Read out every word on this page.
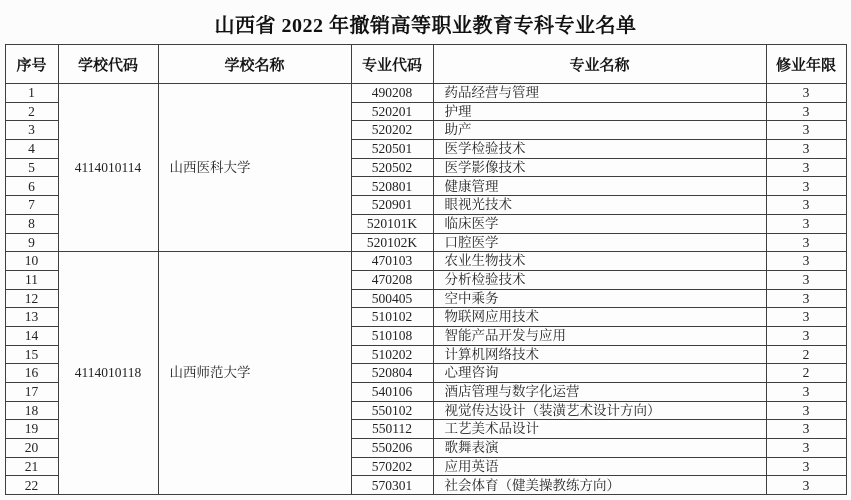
山西省 2022 年撤销高等职业教育专科专业名单
序号	学校代码	学校名称	专业代码	专业名称	修业年限
1	4114010114	山西医科大学	490208	药品经营与管理	3
2			520201	护理	3
3			520202	助产	3
4			520501	医学检验技术	3
5			520502	医学影像技术	3
6			520801	健康管理	3
7			520901	眼视光技术	3
8			520101K	临床医学	3
9			520102K	口腔医学	3
10	4114010118	山西师范大学	470103	农业生物技术	3
11			470208	分析检验技术	3
12			500405	空中乘务	3
13			510102	物联网应用技术	3
14			510108	智能产品开发与应用	3
15			510202	计算机网络技术	2
16			520804	心理咨询	2
17			540106	酒店管理与数字化运营	3
18			550102	视觉传达设计（装潢艺术设计方向）	3
19			550112	工艺美术品设计	3
20			550206	歌舞表演	3
21			570202	应用英语	3
22			570301	社会体育（健美操教练方向）	3
